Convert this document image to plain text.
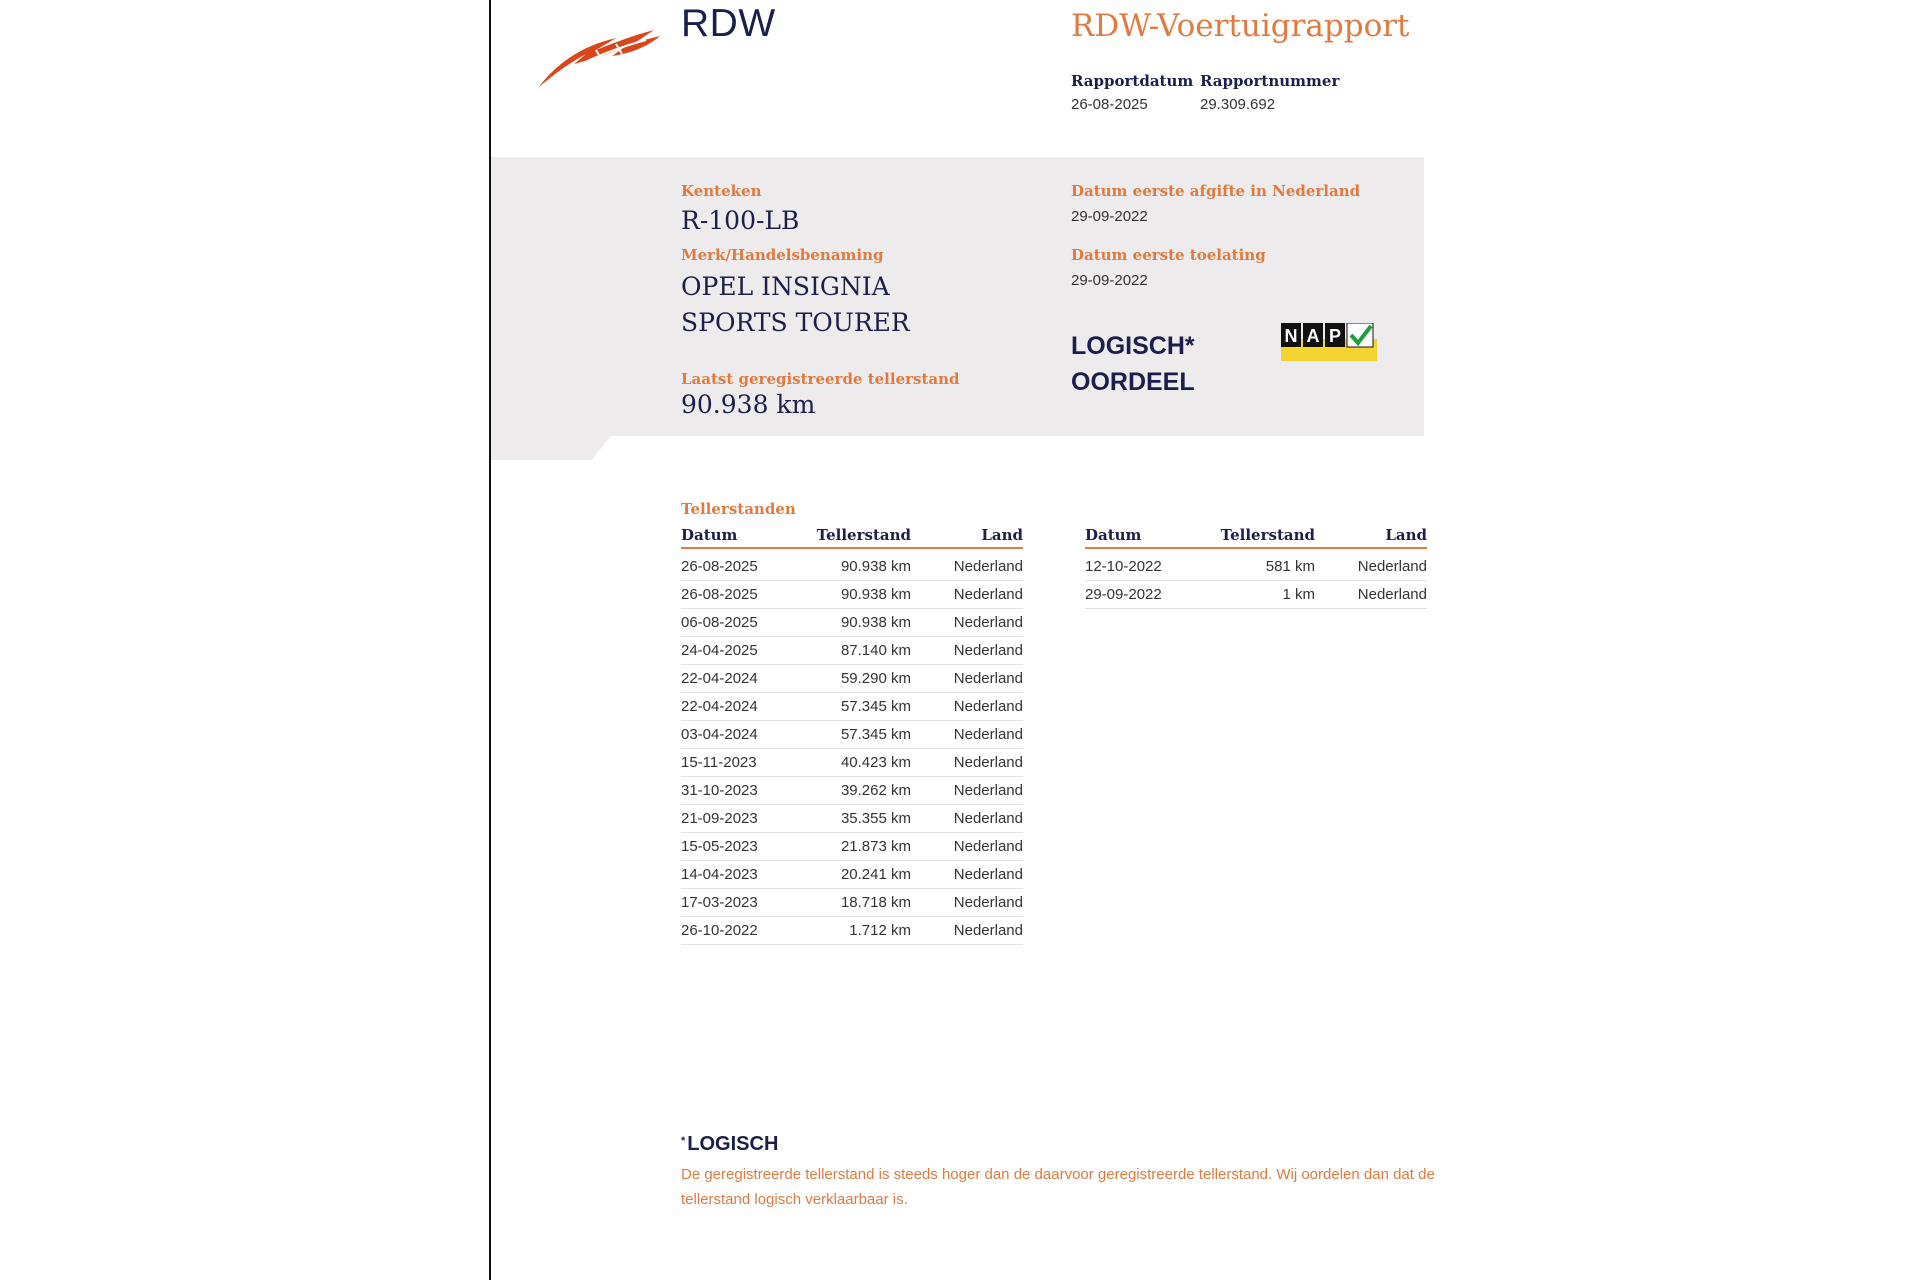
RDW	RDW-Voertuigrapport
Rapportdatum
26-08-2025
Rapportnummer
29.309.692
Kenteken
R-100-LB
Merk/Handelsbenaming
OPEL INSIGNIA
SPORTS TOURER
Laatst geregistreerde tellerstand
90.938 km
Datum eerste afgifte in Nederland
29-09-2022
Datum eerste toelating
29-09-2022
LOGISCH*
OORDEEL
N A P
Tellerstanden
Datum	Tellerstand	Land
26-08-2025	90.938 km	Nederland
26-08-2025	90.938 km	Nederland
06-08-2025	90.938 km	Nederland
24-04-2025	87.140 km	Nederland
22-04-2024	59.290 km	Nederland
22-04-2024	57.345 km	Nederland
03-04-2024	57.345 km	Nederland
15-11-2023	40.423 km	Nederland
31-10-2023	39.262 km	Nederland
21-09-2023	35.355 km	Nederland
15-05-2023	21.873 km	Nederland
14-04-2023	20.241 km	Nederland
17-03-2023	18.718 km	Nederland
26-10-2022	1.712 km	Nederland
Datum	Tellerstand	Land
12-10-2022	581 km	Nederland
29-09-2022	1 km	Nederland
* LOGISCH
De geregistreerde tellerstand is steeds hoger dan de daarvoor geregistreerde tellerstand. Wij oordelen dan dat de tellerstand logisch verklaarbaar is.
